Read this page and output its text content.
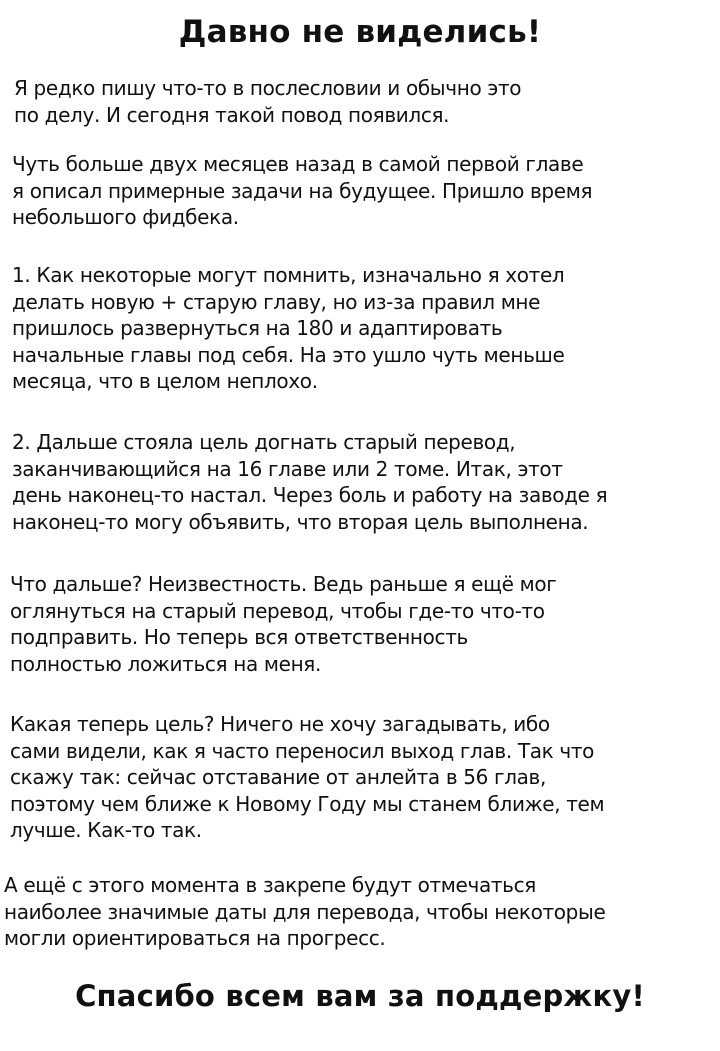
Давно не виделись!

Я редко пишу что-то в послесловии и обычно это
по делу. И сегодня такой повод появился.

Чуть больше двух месяцев назад в самой первой главе
я описал примерные задачи на будущее. Пришло время
небольшого фидбека.

1. Как некоторые могут помнить, изначально я хотел
делать новую + старую главу, но из-за правил мне
пришлось развернуться на 180 и адаптировать
начальные главы под себя. На это ушло чуть меньше
месяца, что в целом неплохо.

2. Дальше стояла цель догнать старый перевод,
заканчивающийся на 16 главе или 2 томе. Итак, этот
день наконец-то настал. Через боль и работу на заводе я
наконец-то могу объявить, что вторая цель выполнена.

Что дальше? Неизвестность. Ведь раньше я ещё мог
оглянуться на старый перевод, чтобы где-то что-то
подправить. Но теперь вся ответственность
полностью ложиться на меня.

Какая теперь цель? Ничего не хочу загадывать, ибо
сами видели, как я часто переносил выход глав. Так что
скажу так: сейчас отставание от анлейта в 56 глав,
поэтому чем ближе к Новому Году мы станем ближе, тем
лучше. Как-то так.

А ещё с этого момента в закрепе будут отмечаться
наиболее значимые даты для перевода, чтобы некоторые
могли ориентироваться на прогресс.

Спасибо всем вам за поддержку!
